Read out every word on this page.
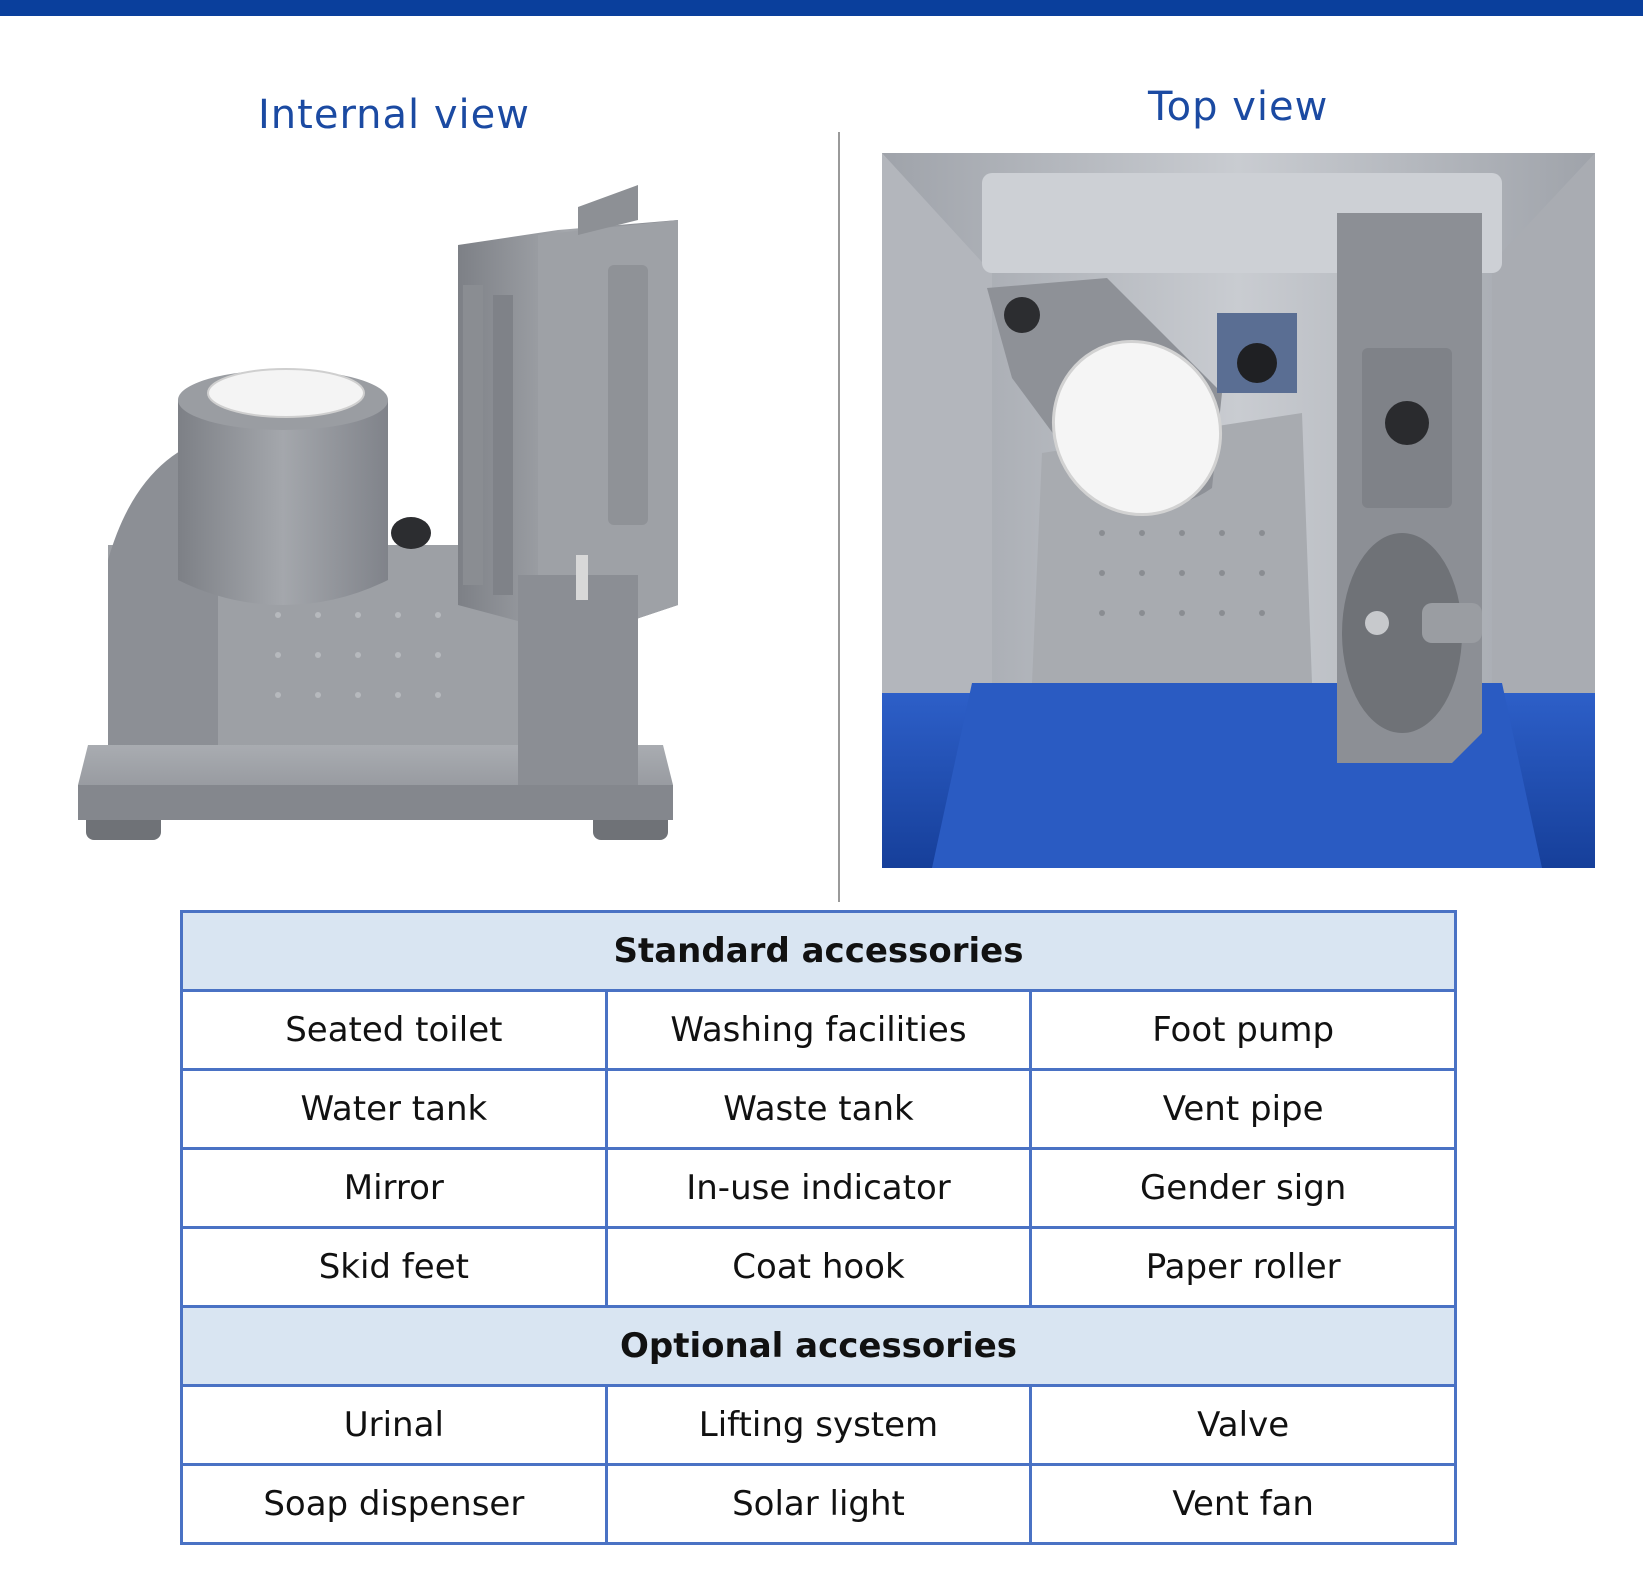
Internal view	Top view
Standard accessories		
Seated toilet	Washing facilities	Foot pump
Water tank	Waste tank	Vent pipe
Mirror	In-use indicator	Gender sign
Skid feet	Coat hook	Paper roller
Optional accessories		
Urinal	Lifting system	Valve
Soap dispenser	Solar light	Vent fan
